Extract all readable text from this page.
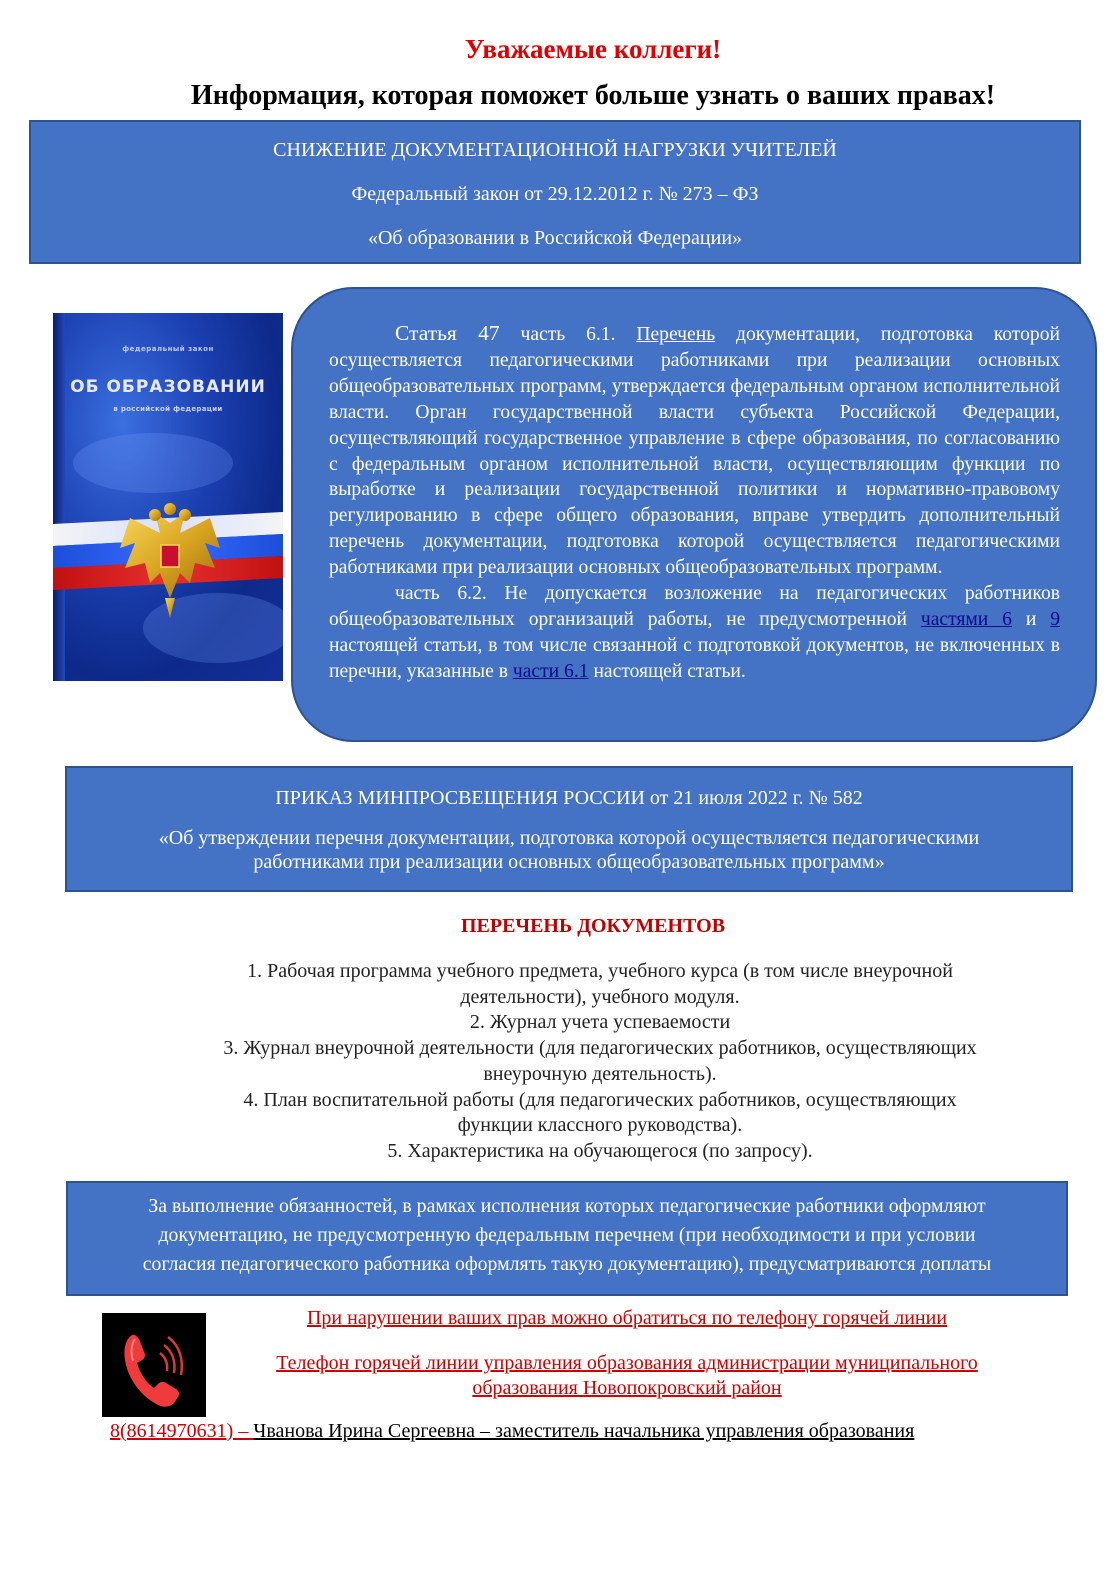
Уважаемые коллеги!
Информация, которая поможет больше узнать о ваших правах!

СНИЖЕНИЕ ДОКУМЕНТАЦИОННОЙ НАГРУЗКИ УЧИТЕЛЕЙ

Федеральный закон от 29.12.2012 г. № 273 – ФЗ

«Об образовании в Российской Федерации»

федеральный закон
ОБ ОБРАЗОВАНИИ
в российской федерации

Статья 47 часть 6.1. Перечень документации, подготовка которой осуществляется педагогическими работниками при реализации основных общеобразовательных программ, утверждается федеральным органом исполнительной власти. Орган государственной власти субъекта Российской Федерации, осуществляющий государственное управление в сфере образования, по согласованию с федеральным органом исполнительной власти, осуществляющим функции по выработке и реализации государственной политики и нормативно-правовому регулированию в сфере общего образования, вправе утвердить дополнительный перечень документации, подготовка которой осуществляется педагогическими работниками при реализации основных общеобразовательных программ.

часть 6.2. Не допускается возложение на педагогических работников общеобразовательных организаций работы, не предусмотренной частями 6 и 9 настоящей статьи, в том числе связанной с подготовкой документов, не включенных в перечни, указанные в части 6.1 настоящей статьи.

ПРИКАЗ МИНПРОСВЕЩЕНИЯ РОССИИ от 21 июля 2022 г. № 582

«Об утверждении перечня документации, подготовка которой осуществляется педагогическими

работниками при реализации основных общеобразовательных программ»

ПЕРЕЧЕНЬ ДОКУМЕНТОВ
1. Рабочая программа учебного предмета, учебного курса (в том числе внеурочной
деятельности), учебного модуля.
2. Журнал учета успеваемости
3. Журнал внеурочной деятельности (для педагогических работников, осуществляющих
внеурочную деятельность).
4. План воспитательной работы (для педагогических работников, осуществляющих
функции классного руководства).
5. Характеристика на обучающегося (по запросу).

За выполнение обязанностей, в рамках исполнения которых педагогические работники оформляют

документацию, не предусмотренную федеральным перечнем (при необходимости и при условии

согласия педагогического работника оформлять такую документацию), предусматриваются доплаты

При нарушении ваших прав можно обратиться по телефону горячей линии
Телефон горячей линии управления образования администрации муниципального
образования Новопокровский район
8(8614970631) – Чванова Ирина Сергеевна – заместитель начальника управления образования
